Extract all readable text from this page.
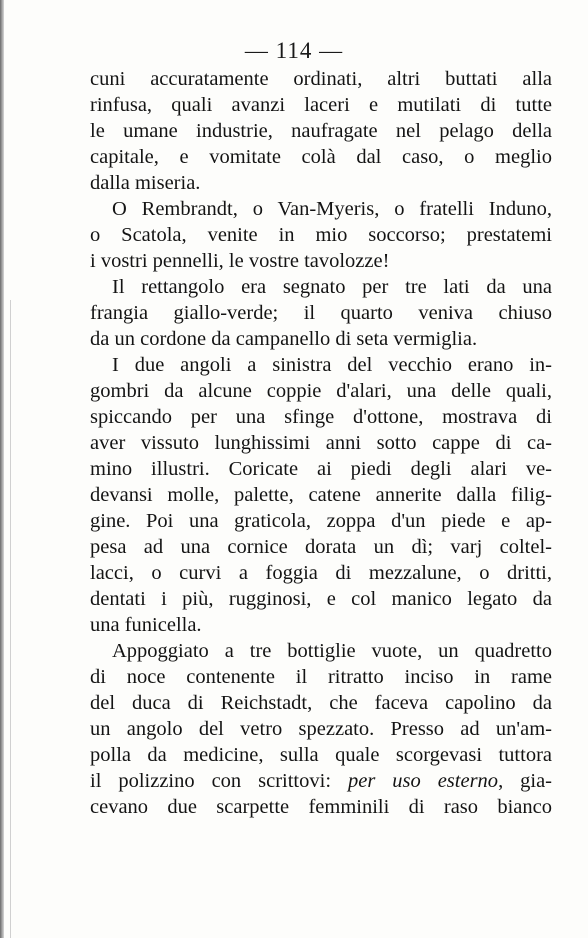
— 114 —
cuni accuratamente ordinati, altri buttati alla
rinfusa, quali avanzi laceri e mutilati di tutte
le umane industrie, naufragate nel pelago della
capitale, e vomitate colà dal caso, o meglio
dalla miseria.
O Rembrandt, o Van-Myeris, o fratelli Induno,
o Scatola, venite in mio soccorso; prestatemi
i vostri pennelli, le vostre tavolozze!
Il rettangolo era segnato per tre lati da una
frangia giallo-verde; il quarto veniva chiuso
da un cordone da campanello di seta vermiglia.
I due angoli a sinistra del vecchio erano in-
gombri da alcune coppie d'alari, una delle quali,
spiccando per una sfinge d'ottone, mostrava di
aver vissuto lunghissimi anni sotto cappe di ca-
mino illustri. Coricate ai piedi degli alari ve-
devansi molle, palette, catene annerite dalla filig-
gine. Poi una graticola, zoppa d'un piede e ap-
pesa ad una cornice dorata un dì; varj coltel-
lacci, o curvi a foggia di mezzalune, o dritti,
dentati i più, rugginosi, e col manico legato da
una funicella.
Appoggiato a tre bottiglie vuote, un quadretto
di noce contenente il ritratto inciso in rame
del duca di Reichstadt, che faceva capolino da
un angolo del vetro spezzato. Presso ad un'am-
polla da medicine, sulla quale scorgevasi tuttora
il polizzino con scrittovi: per uso esterno, gia-
cevano due scarpette femminili di raso bianco
